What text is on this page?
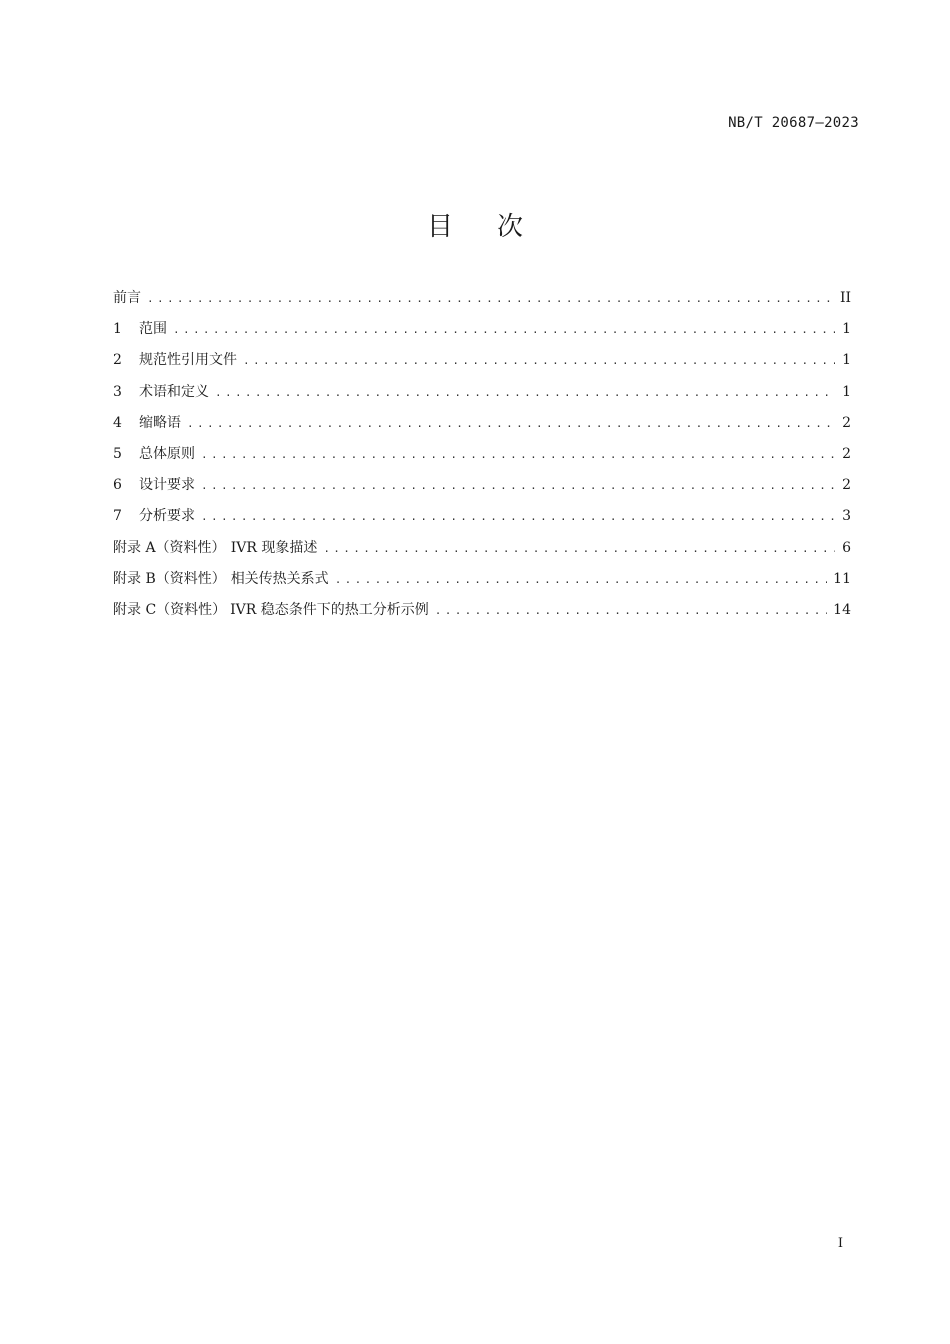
NB/T 20687—2023
目 次
前言 .....	II
1	范围 .....	1
2	规范性引用文件 .....	1
3	术语和定义 .....	1
4	缩略语 .....	2
5	总体原则 .....	2
6	设计要求 .....	2
7	分析要求 .....	3
附录 A（资料性） IVR 现象描述 .....	6
附录 B（资料性） 相关传热关系式 .....	11
附录 C（资料性） IVR 稳态条件下的热工分析示例 .....	14
I
